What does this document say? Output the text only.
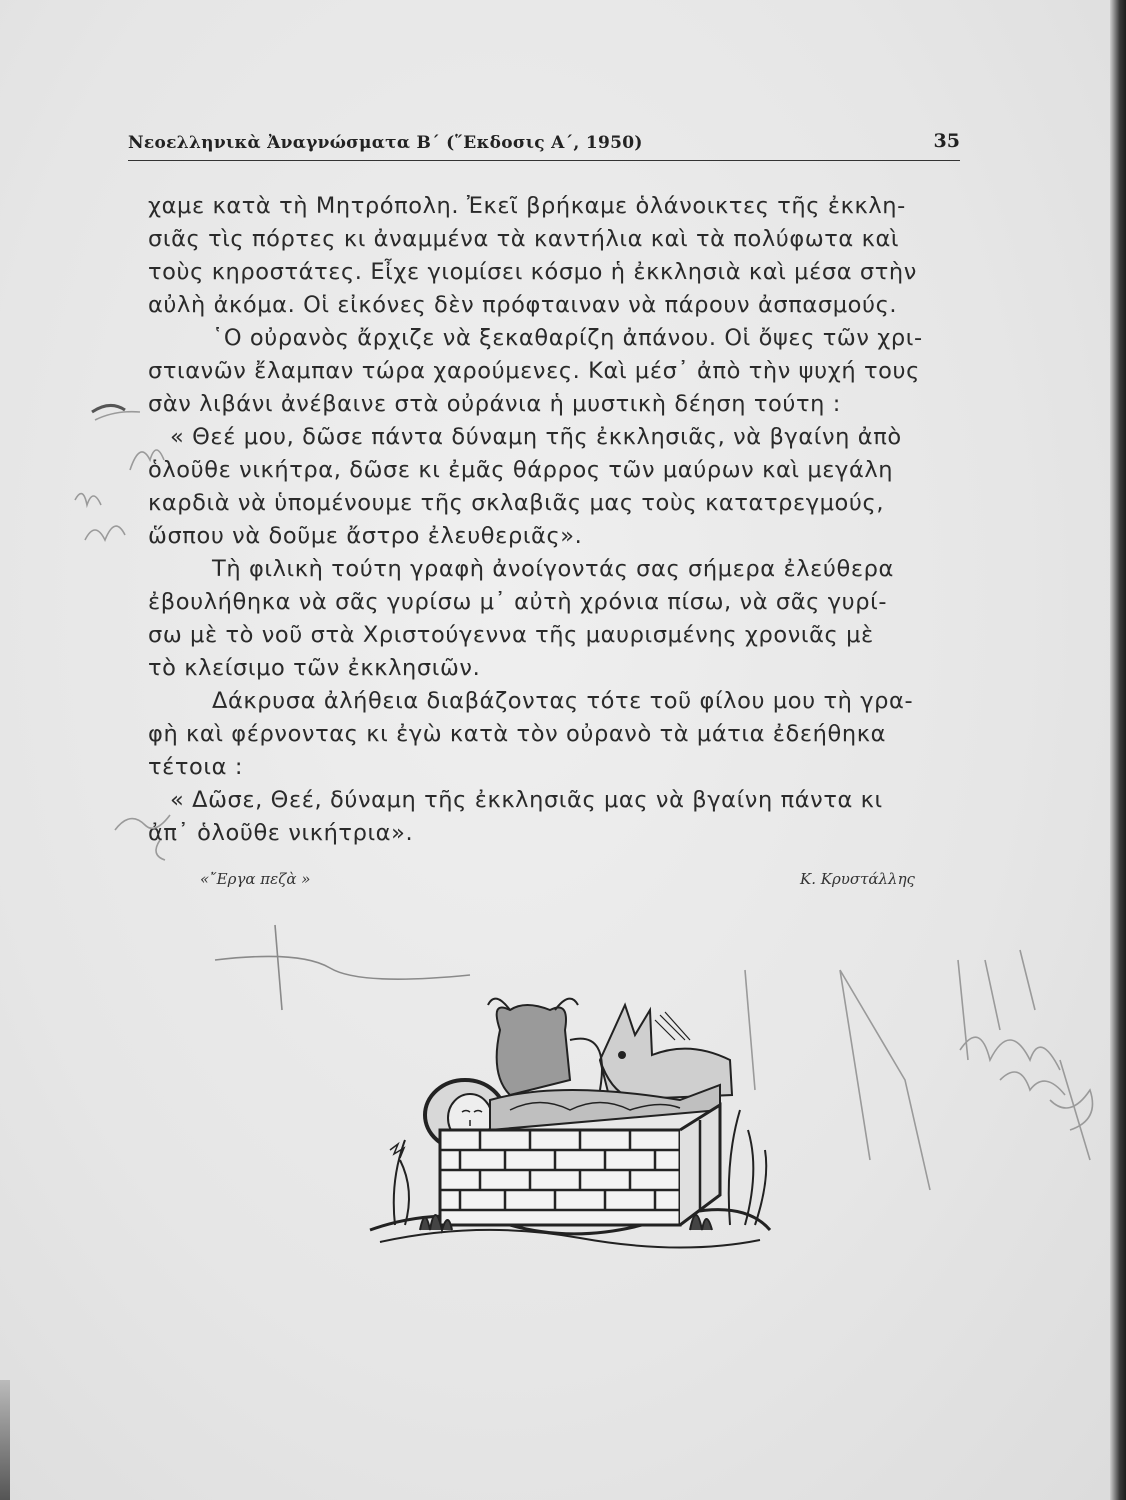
Νεοελληνικὰ Ἀναγνώσματα Β΄ (῞Εκδοσις Α΄, 1950)	35
χαμε κατὰ τὴ Μητρόπολη. Ἐκεῖ βρήκαμε ὁλάνοικτες τῆς ἐκκλη-
σιᾶς τὶς πόρτες κι ἀναμμένα τὰ καντήλια καὶ τὰ πολύφωτα καὶ
τοὺς κηροστάτες. Εἶχε γιομίσει κόσμο ἡ ἐκκλησιὰ καὶ μέσα στὴν
αὐλὴ ἀκόμα. Οἱ εἰκόνες δὲν πρόφταιναν νὰ πάρουν ἀσπασμούς.
῾Ο οὐρανὸς ἄρχιζε νὰ ξεκαθαρίζη ἀπάνου. Οἱ ὄψες τῶν χρι-
στιανῶν ἔλαμπαν τώρα χαρούμενες. Καὶ μέσ᾿ ἀπὸ τὴν ψυχή τους
σὰν λιβάνι ἀνέβαινε στὰ οὐράνια ἡ μυστικὴ δέηση τούτη :
« Θεέ μου, δῶσε πάντα δύναμη τῆς ἐκκλησιᾶς, νὰ βγαίνη ἀπὸ
ὁλοῦθε νικήτρα, δῶσε κι ἐμᾶς θάρρος τῶν μαύρων καὶ μεγάλη
καρδιὰ νὰ ὑπομένουμε τῆς σκλαβιᾶς μας τοὺς κατατρεγμούς,
ὥσπου νὰ δοῦμε ἄστρο ἐλευθεριᾶς».
Τὴ φιλικὴ τούτη γραφὴ ἀνοίγοντάς σας σήμερα ἐλεύθερα
ἐβουλήθηκα νὰ σᾶς γυρίσω μ᾿ αὐτὴ χρόνια πίσω, νὰ σᾶς γυρί-
σω μὲ τὸ νοῦ στὰ Χριστούγεννα τῆς μαυρισμένης χρονιᾶς μὲ
τὸ κλείσιμο τῶν ἐκκλησιῶν.
Δάκρυσα ἀλήθεια διαβάζοντας τότε τοῦ φίλου μου τὴ γρα-
φὴ καὶ φέρνοντας κι ἐγὼ κατὰ τὸν οὐρανὸ τὰ μάτια ἐδεήθηκα
τέτοια :
« Δῶσε, Θεέ, δύναμη τῆς ἐκκλησιᾶς μας νὰ βγαίνη πάντα κι
ἀπ᾿ ὁλοῦθε νικήτρια».
«῎Εργα πεζὰ »	Κ. Κρυστάλλης
